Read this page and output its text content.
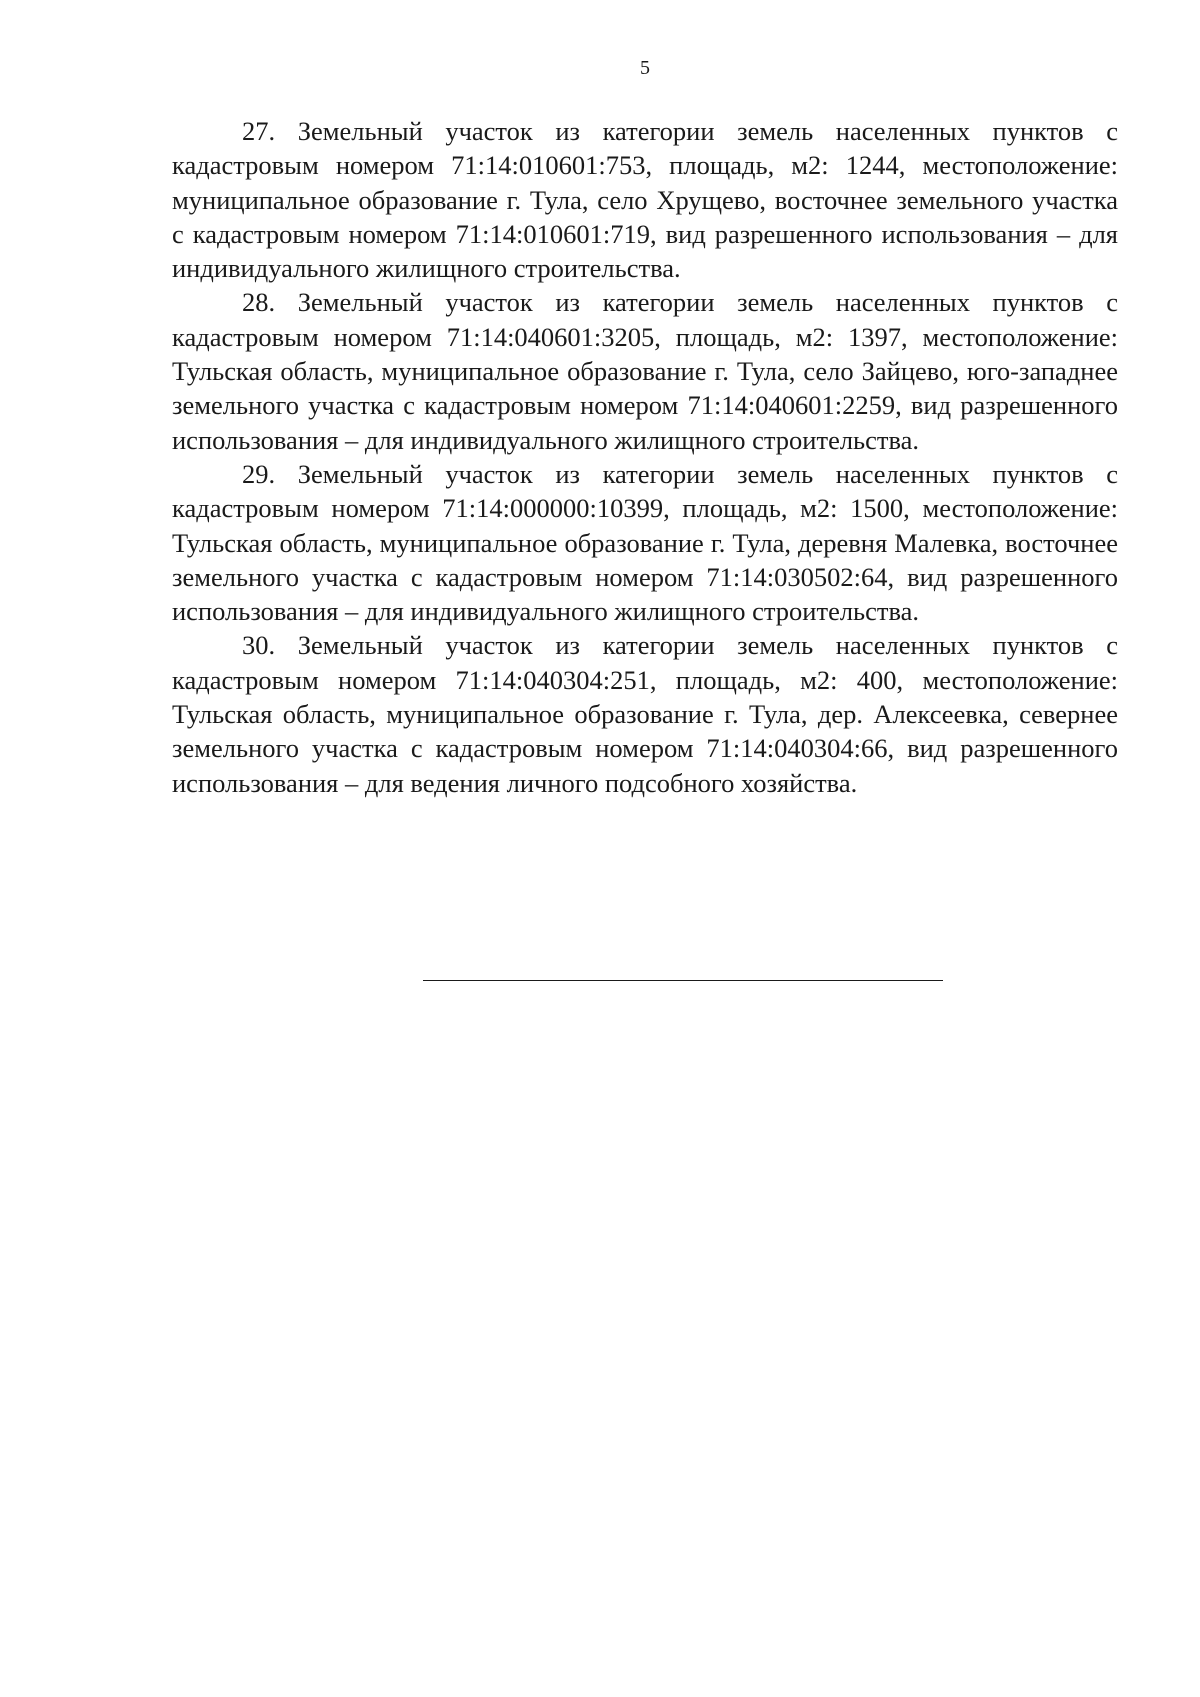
5

27. Земельный участок из категории земель населенных пунктов с кадастровым номером 71:14:010601:753, площадь, м2: 1244, местоположение: муниципальное образование г. Тула, село Хрущево, восточнее земельного участка с кадастровым номером 71:14:010601:719, вид разрешенного использования – для индивидуального жилищного строительства.

28. Земельный участок из категории земель населенных пунктов с кадастровым номером 71:14:040601:3205, площадь, м2: 1397, местоположение: Тульская область, муниципальное образование г. Тула, село Зайцево, юго-западнее земельного участка с кадастровым номером 71:14:040601:2259, вид разрешенного использования – для индивидуального жилищного строительства.

29. Земельный участок из категории земель населенных пунктов с кадастровым номером 71:14:000000:10399, площадь, м2: 1500, местоположение: Тульская область, муниципальное образование г. Тула, деревня Малевка, восточнее земельного участка с кадастровым номером 71:14:030502:64, вид разрешенного использования – для индивидуального жилищного строительства.

30. Земельный участок из категории земель населенных пунктов с кадастровым номером 71:14:040304:251, площадь, м2: 400, местоположение: Тульская область, муниципальное образование г. Тула, дер. Алексеевка, севернее земельного участка с кадастровым номером 71:14:040304:66, вид разрешенного использования – для ведения личного подсобного хозяйства.
